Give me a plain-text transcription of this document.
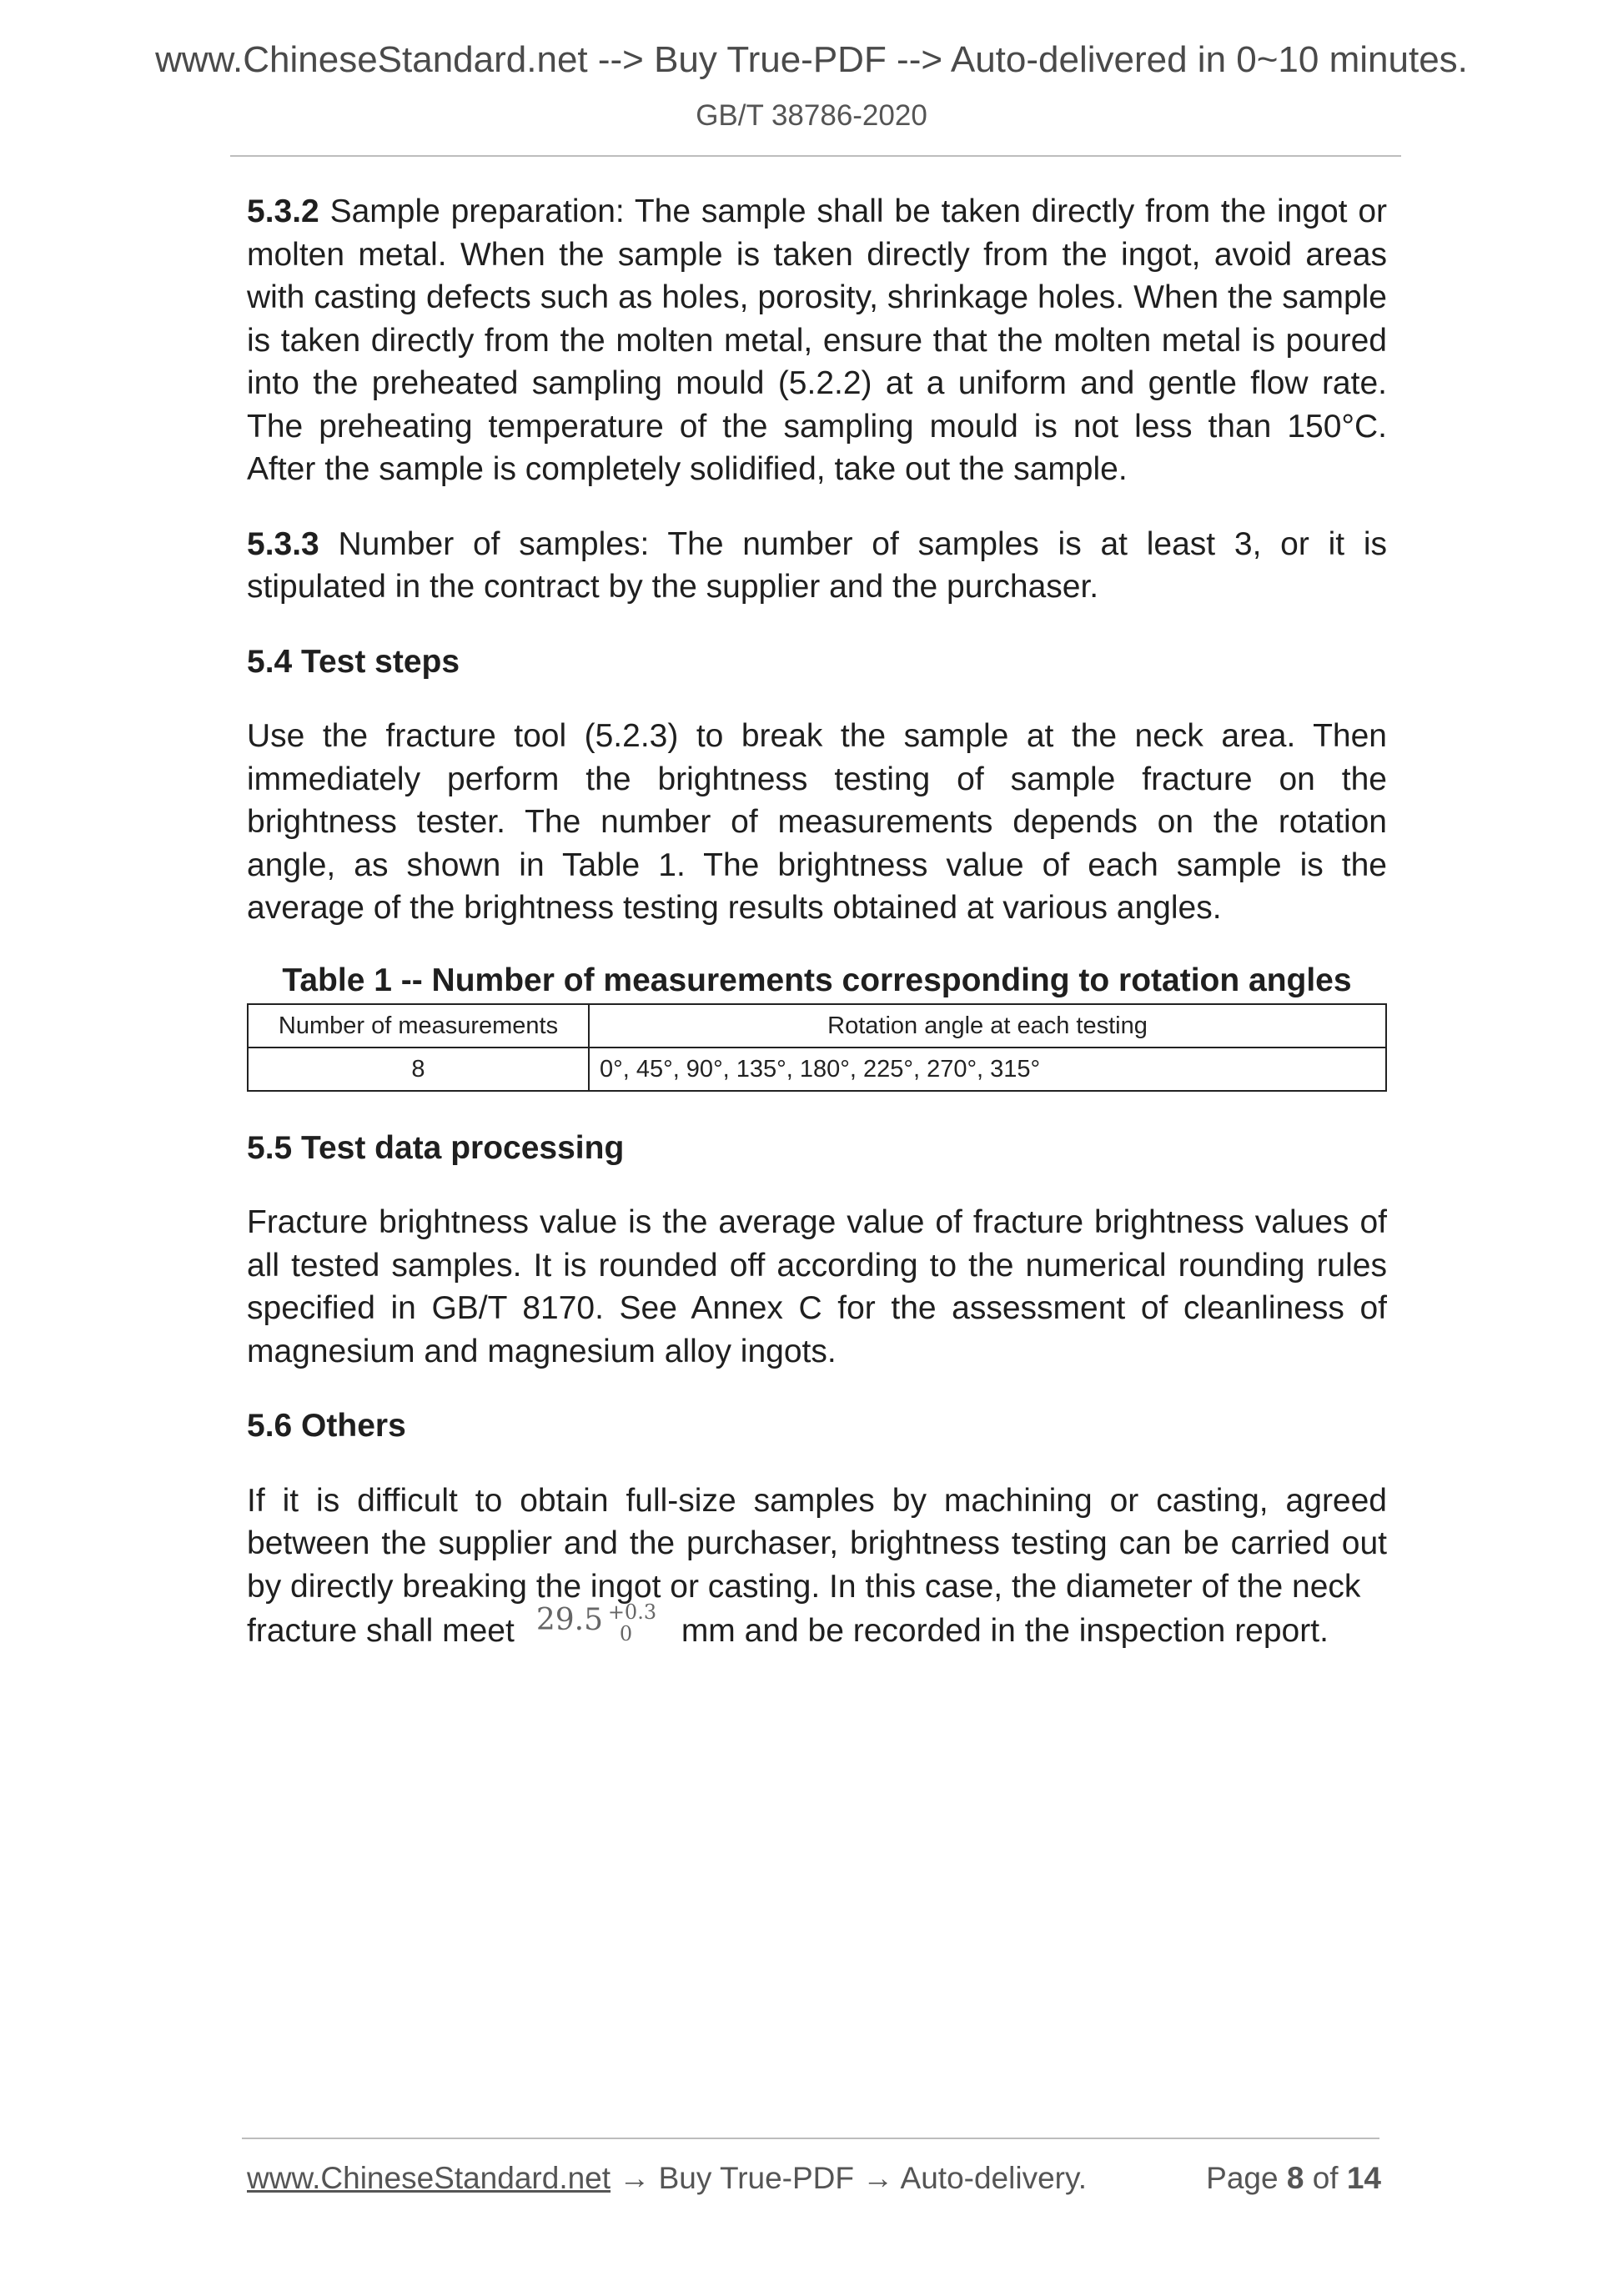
www.ChineseStandard.net --> Buy True-PDF --> Auto-delivered in 0~10 minutes.
GB/T 38786-2020

5.3.2 Sample preparation: The sample shall be taken directly from the ingot or molten metal. When the sample is taken directly from the ingot, avoid areas with casting defects such as holes, porosity, shrinkage holes. When the sample is taken directly from the molten metal, ensure that the molten metal is poured into the preheated sampling mould (5.2.2) at a uniform and gentle flow rate. The preheating temperature of the sampling mould is not less than 150°C. After the sample is completely solidified, take out the sample.

5.3.3 Number of samples: The number of samples is at least 3, or it is stipulated in the contract by the supplier and the purchaser.

5.4 Test steps

Use the fracture tool (5.2.3) to break the sample at the neck area. Then immediately perform the brightness testing of sample fracture on the brightness tester. The number of measurements depends on the rotation angle, as shown in Table 1. The brightness value of each sample is the average of the brightness testing results obtained at various angles.

Table 1 -- Number of measurements corresponding to rotation angles
Number of measurements	Rotation angle at each testing
8	0°, 45°, 90°, 135°, 180°, 225°, 270°, 315°
5.5 Test data processing

Fracture brightness value is the average value of fracture brightness values of all tested samples. It is rounded off according to the numerical rounding rules specified in GB/T 8170. See Annex C for the assessment of cleanliness of magnesium and magnesium alloy ingots.

5.6 Others

If it is difficult to obtain full-size samples by machining or casting, agreed between the supplier and the purchaser, brightness testing can be carried out by directly breaking the ingot or casting. In this case, the diameter of the neck

fracture shall meet 29.5 +0.3
0 mm and be recorded in the inspection report.

www.ChineseStandard.net → Buy True-PDF → Auto-delivery.	Page 8 of 14
